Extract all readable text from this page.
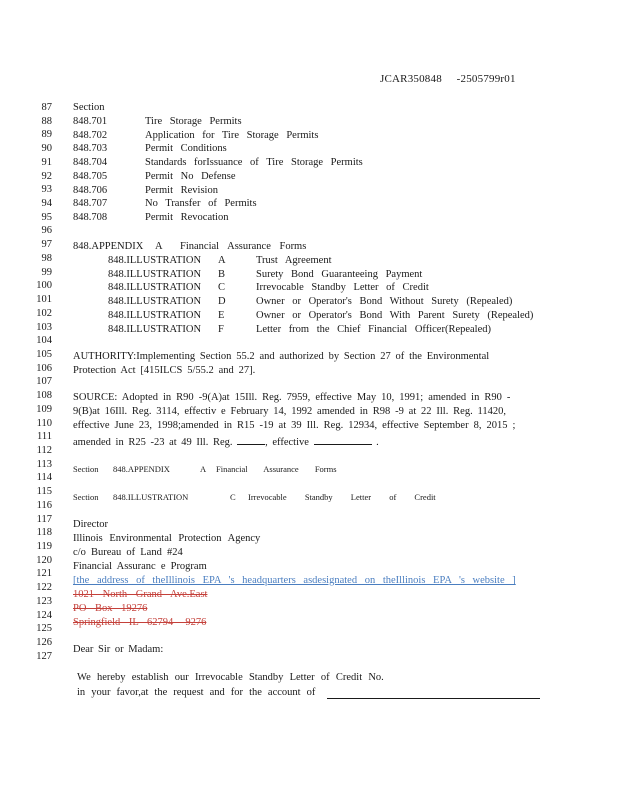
JCAR350848 -2505799r01
87
88
89
90
91
92
93
94
95
96
97
98
99
100
101
102
103
104
105
106
107
108
109
110
111
112
113
114
115
116
117
118
119
120
121
122
123
124
125
126
127
Section
848.701	Tire Storage Permits
848.702	Application for Tire Storage Permits
848.703	Permit Conditions
848.704	Standards forIssuance of Tire Storage Permits
848.705	Permit No Defense
848.706	Permit Revision
848.707	No Transfer of Permits
848.708	Permit Revocation
848.APPENDIX A Financial Assurance Forms
848.ILLUSTRATION A	Trust Agreement
848.ILLUSTRATION B	Surety Bond Guaranteeing Payment
848.ILLUSTRATION C	Irrevocable Standby Letter of Credit
848.ILLUSTRATION D	Owner or Operator's Bond Without Surety (Repealed)
848.ILLUSTRATION E	Owner or Operator's Bond With Parent Surety (Repealed)
848.ILLUSTRATION F	Letter from the Chief Financial Officer(Repealed)
AUTHORITY:Implementing Section 55.2 and authorized by Section 27 of the Environmental
Protection Act [415ILCS 5/55.2 and 27].
SOURCE: Adopted in R90 -9(A)at 15Ill. Reg. 7959, effective May 10, 1991; amended in R90 -
9(B)at 16Ill. Reg. 3114, effectiv e February 14, 1992 amended in R98 -9 at 22 Ill. Reg. 11420,
effective June 23, 1998;amended in R15 -19 at 39 Ill. Reg. 12934, effective September 8, 2015 ;
amended in R25 -23 at 49 Ill. Reg.	, effective	.
Section 848.APPENDIX	A Financial Assurance Forms
Section 848.ILLUSTRATION	C Irrevocable Standby Letter of Credit
Director
Illinois Environmental Protection Agency
c/o Bureau of Land #24
Financial Assuranc e Program
[the address of theIllinois EPA 's headquarters asdesignated on theIllinois EPA 's website ]
1021 North Grand Ave.East
PO Box 19276
Springfield IL 62794 -9276
Dear Sir or Madam:
We hereby establish our Irrevocable Standby Letter of Credit No.
in your favor,at the request and for the account of
